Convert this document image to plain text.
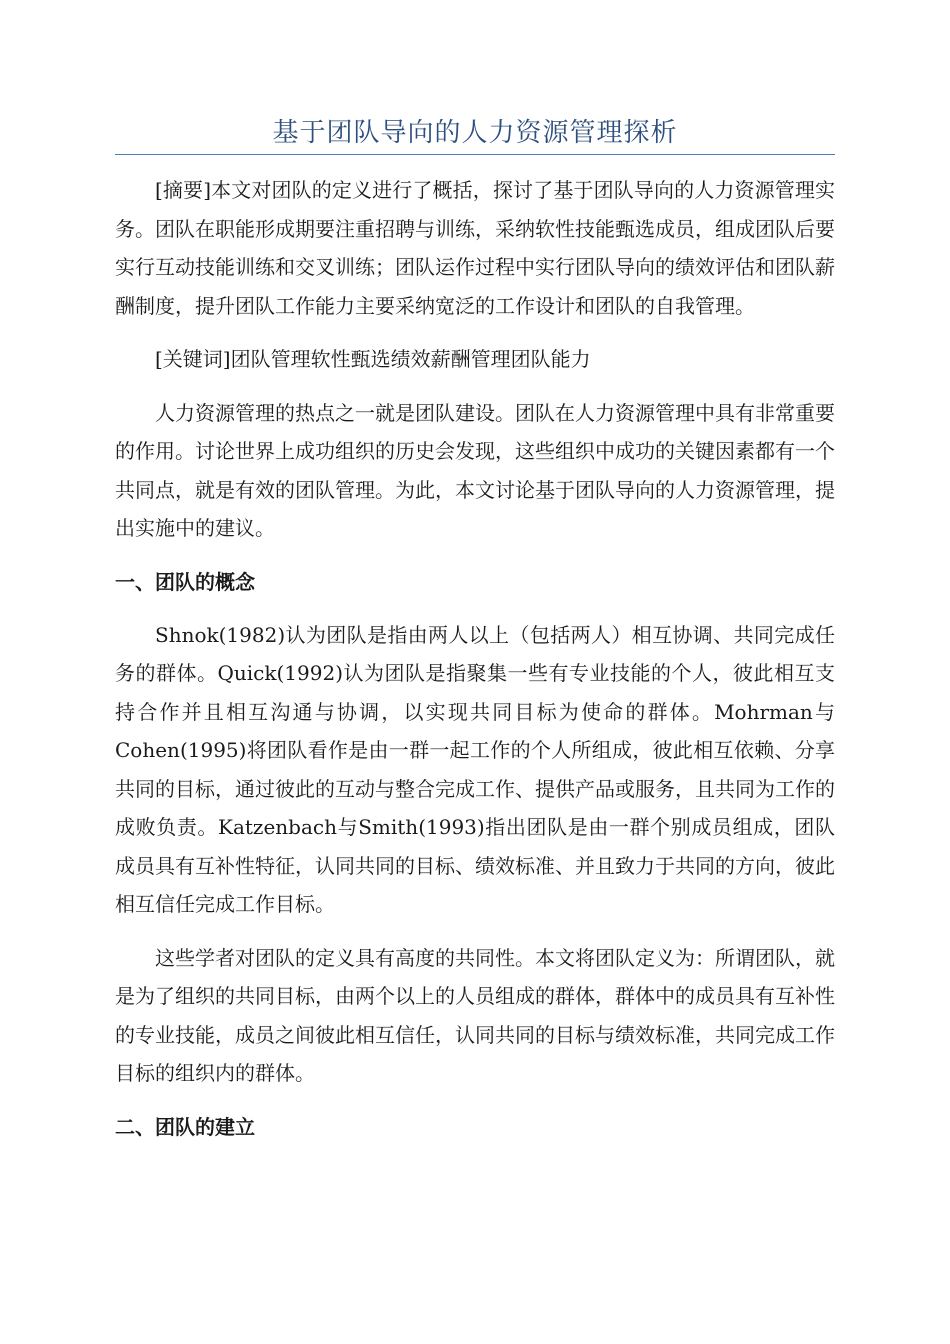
基于团队导向的人力资源管理探析

[摘要]本文对团队的定义进行了概括，探讨了基于团队导向的人力资源管理实务。团队在职能形成期要注重招聘与训练，采纳软性技能甄选成员，组成团队后要实行互动技能训练和交叉训练；团队运作过程中实行团队导向的绩效评估和团队薪酬制度，提升团队工作能力主要采纳宽泛的工作设计和团队的自我管理。

[关键词]团队管理软性甄选绩效薪酬管理团队能力

人力资源管理的热点之一就是团队建设。团队在人力资源管理中具有非常重要的作用。讨论世界上成功组织的历史会发现，这些组织中成功的关键因素都有一个共同点，就是有效的团队管理。为此，本文讨论基于团队导向的人力资源管理，提出实施中的建议。

一、团队的概念

Shnok(1982)认为团队是指由两人以上（包括两人）相互协调、共同完成任务的群体。Quick(1992)认为团队是指聚集一些有专业技能的个人，彼此相互支持合作并且相互沟通与协调，以实现共同目标为使命的群体。Mohrman与Cohen(1995)将团队看作是由一群一起工作的个人所组成，彼此相互依赖、分享共同的目标，通过彼此的互动与整合完成工作、提供产品或服务，且共同为工作的成败负责。Katzenbach与Smith(1993)指出团队是由一群个别成员组成，团队成员具有互补性特征，认同共同的目标、绩效标准、并且致力于共同的方向，彼此相互信任完成工作目标。

这些学者对团队的定义具有高度的共同性。本文将团队定义为：所谓团队，就是为了组织的共同目标，由两个以上的人员组成的群体，群体中的成员具有互补性的专业技能，成员之间彼此相互信任，认同共同的目标与绩效标准，共同完成工作目标的组织内的群体。

二、团队的建立
